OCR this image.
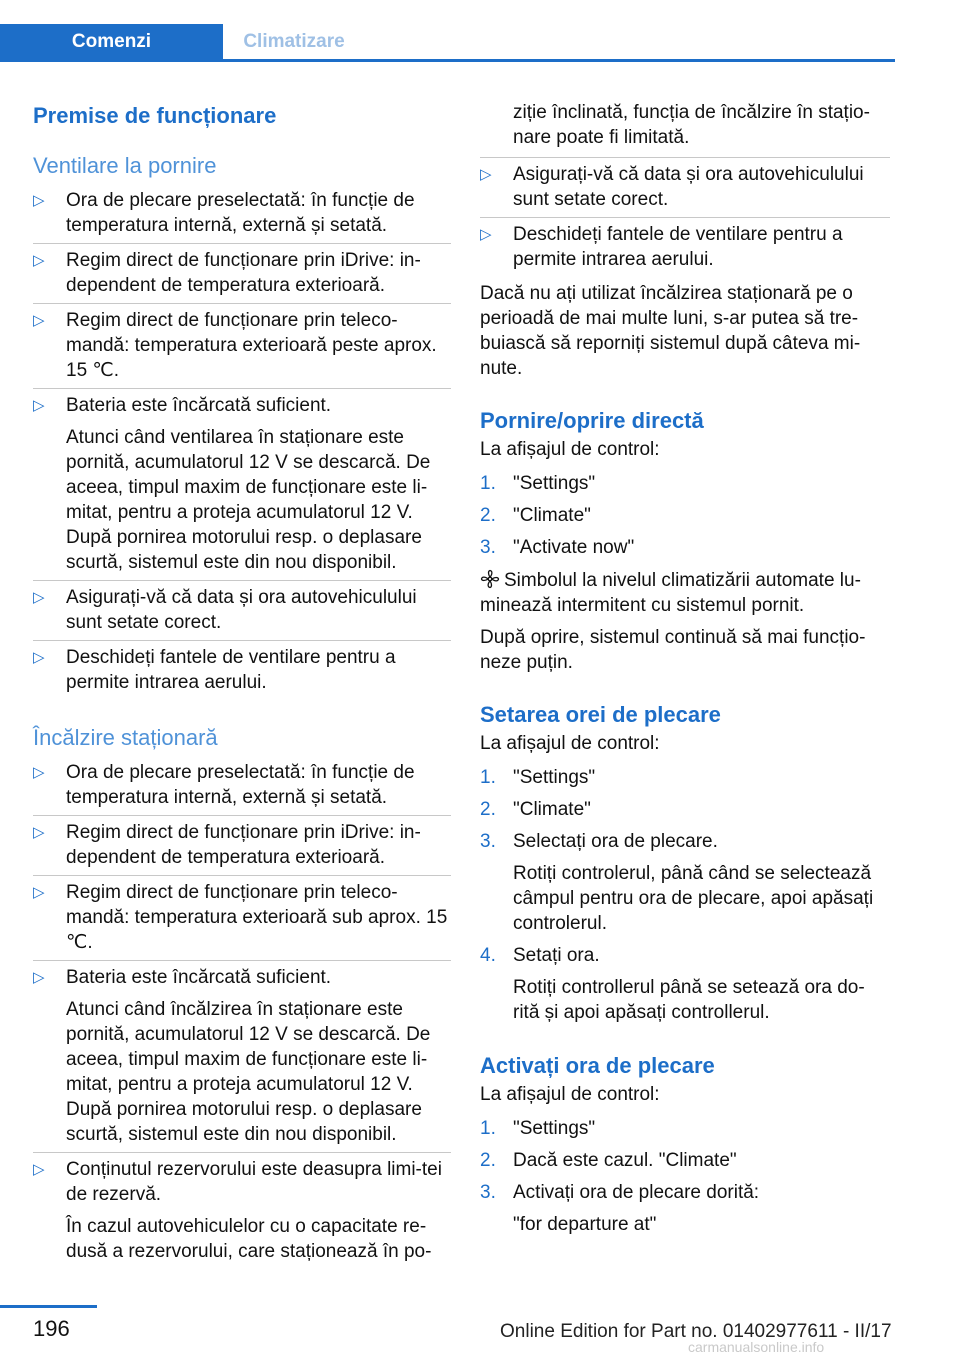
Comenzi	Climatizare
Premise de funcționare
Ventilare la pornire
▷ Ora de plecare preselectată: în funcție de temperatura internă, externă și setată.
▷ Regim direct de funcționare prin iDrive: in-dependent de temperatura exterioară.
▷ Regim direct de funcționare prin teleco-mandă: temperatura exterioară peste aprox. 15 ℃.
▷ Bateria este încărcată suficient.
Atunci când ventilarea în staționare este pornită, acumulatorul 12 V se descarcă. De aceea, timpul maxim de funcționare este li-mitat, pentru a proteja acumulatorul 12 V. După pornirea motorului resp. o deplasare scurtă, sistemul este din nou disponibil.
▷ Asigurați-vă că data și ora autovehiculului sunt setate corect.
▷ Deschideți fantele de ventilare pentru a permite intrarea aerului.
Încălzire staționară
▷ Ora de plecare preselectată: în funcție de temperatura internă, externă și setată.
▷ Regim direct de funcționare prin iDrive: in-dependent de temperatura exterioară.
▷ Regim direct de funcționare prin teleco-mandă: temperatura exterioară sub aprox. 15 ℃.
▷ Bateria este încărcată suficient.
Atunci când încălzirea în staționare este pornită, acumulatorul 12 V se descarcă. De aceea, timpul maxim de funcționare este li-mitat, pentru a proteja acumulatorul 12 V. După pornirea motorului resp. o deplasare scurtă, sistemul este din nou disponibil.
▷ Conținutul rezervorului este deasupra limi-tei de rezervă.
În cazul autovehiculelor cu o capacitate re-dusă a rezervorului, care staționează în po-
ziție înclinată, funcția de încălzire în stațio-nare poate fi limitată.
▷ Asigurați-vă că data și ora autovehiculului sunt setate corect.
▷ Deschideți fantele de ventilare pentru a permite intrarea aerului.
Dacă nu ați utilizat încălzirea staționară pe o perioadă de mai multe luni, s-ar putea să tre-buiască să reporniți sistemul după câteva mi-nute.
Pornire/oprire directă
La afișajul de control:
1. "Settings"
2. "Climate"
3. "Activate now"
Simbolul la nivelul climatizării automate lu-minează intermitent cu sistemul pornit.
După oprire, sistemul continuă să mai funcțio-neze puțin.
Setarea orei de plecare
La afișajul de control:
1. "Settings"
2. "Climate"
3. Selectați ora de plecare.
Rotiți controlerul, până când se selectează câmpul pentru ora de plecare, apoi apăsați controlerul.
4. Setați ora.
Rotiți controllerul până se setează ora do-rită și apoi apăsați controllerul.
Activați ora de plecare
La afișajul de control:
1. "Settings"
2. Dacă este cazul. "Climate"
3. Activați ora de plecare dorită:
"for departure at"
196	Online Edition for Part no. 01402977611 - II/17
carmanualsonline.info
